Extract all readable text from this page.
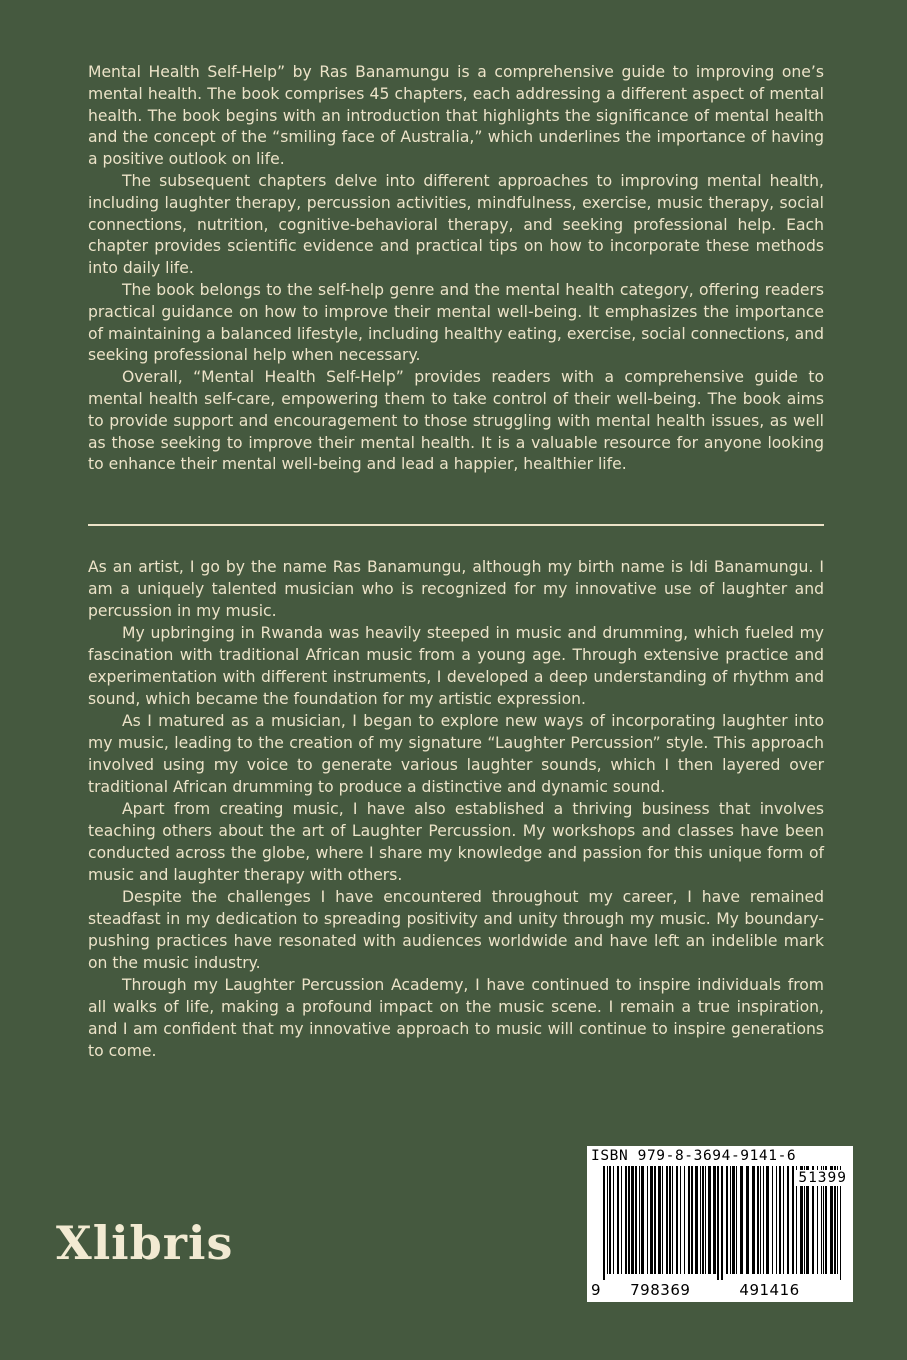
Mental Health Self-Help” by Ras Banamungu is a comprehensive guide to improving one’s mental health. The book comprises 45 chapters, each addressing a different aspect of mental health. The book begins with an introduction that highlights the significance of mental health and the concept of the “smiling face of Australia,” which underlines the importance of having a positive outlook on life.

The subsequent chapters delve into different approaches to improving mental health, including laughter therapy, percussion activities, mindfulness, exercise, music therapy, social connections, nutrition, cognitive-behavioral therapy, and seeking professional help. Each chapter provides scientific evidence and practical tips on how to incorporate these methods into daily life.

The book belongs to the self-help genre and the mental health category, offering readers practical guidance on how to improve their mental well-being. It emphasizes the importance of maintaining a balanced lifestyle, including healthy eating, exercise, social connections, and seeking professional help when necessary.

Overall, “Mental Health Self-Help” provides readers with a comprehensive guide to mental health self-care, empowering them to take control of their well-being. The book aims to provide support and encouragement to those struggling with mental health issues, as well as those seeking to improve their mental health. It is a valuable resource for anyone looking to enhance their mental well-being and lead a happier, healthier life.

As an artist, I go by the name Ras Banamungu, although my birth name is Idi Banamungu. I am a uniquely talented musician who is recognized for my innovative use of laughter and percussion in my music.

My upbringing in Rwanda was heavily steeped in music and drumming, which fueled my fascination with traditional African music from a young age. Through extensive practice and experimentation with different instruments, I developed a deep understanding of rhythm and sound, which became the foundation for my artistic expression.

As I matured as a musician, I began to explore new ways of incorporating laughter into my music, leading to the creation of my signature “Laughter Percussion” style. This approach involved using my voice to generate various laughter sounds, which I then layered over traditional African drumming to produce a distinctive and dynamic sound.

Apart from creating music, I have also established a thriving business that involves teaching others about the art of Laughter Percussion. My workshops and classes have been conducted across the globe, where I share my knowledge and passion for this unique form of music and laughter therapy with others.

Despite the challenges I have encountered throughout my career, I have remained steadfast in my dedication to spreading positivity and unity through my music. My boundary-pushing practices have resonated with audiences worldwide and have left an indelible mark on the music industry.

Through my Laughter Percussion Academy, I have continued to inspire individuals from all walks of life, making a profound impact on the music scene. I remain a true inspiration, and I am confident that my innovative approach to music will continue to inspire generations to come.

Xlibris
ISBN 979-8-3694-9141-6
51399
9 798369	491416
